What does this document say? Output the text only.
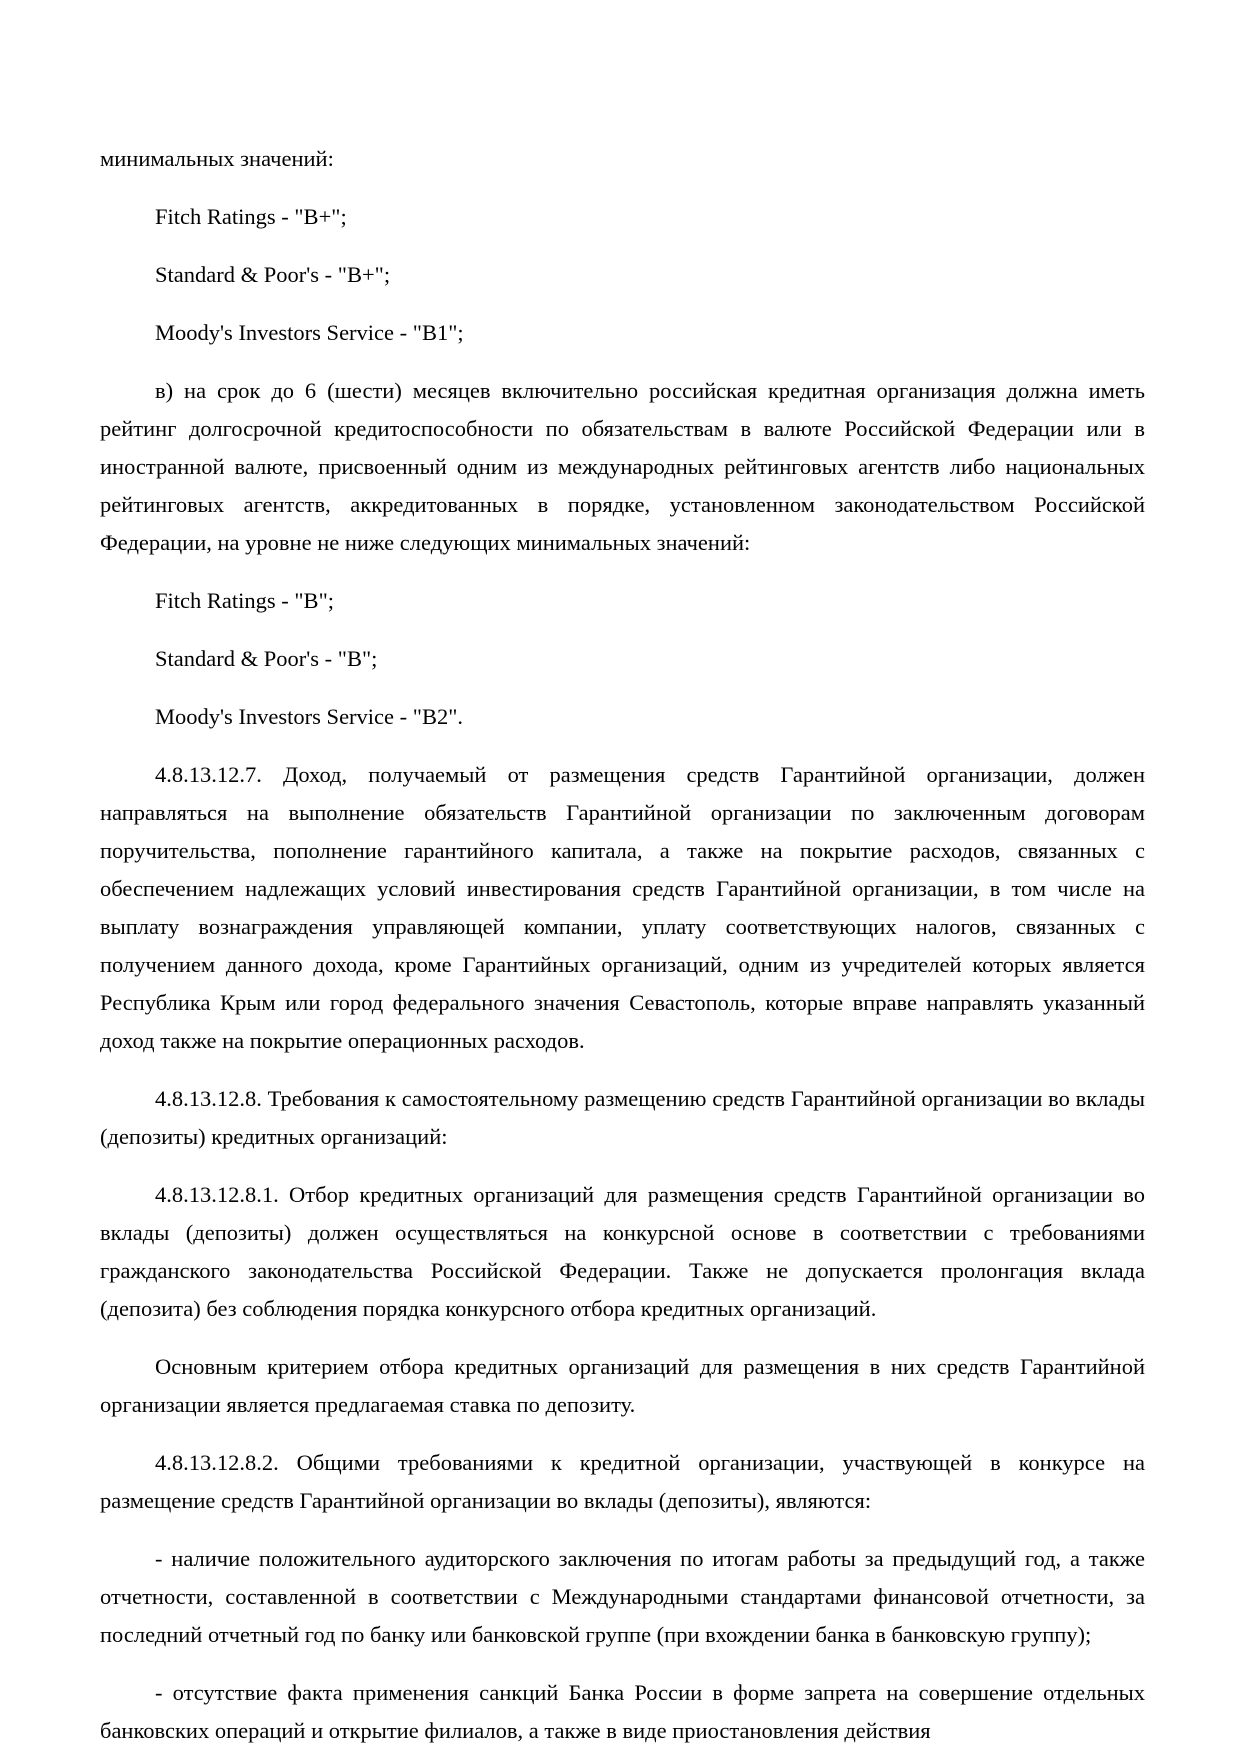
минимальных значений:

Fitch Ratings - "B+";

Standard & Poor's - "B+";

Moody's Investors Service - "B1";

в) на срок до 6 (шести) месяцев включительно российская кредитная организация должна иметь рейтинг долгосрочной кредитоспособности по обязательствам в валюте Российской Федерации или в иностранной валюте, присвоенный одним из международных рейтинговых агентств либо национальных рейтинговых агентств, аккредитованных в порядке, установленном законодательством Российской Федерации, на уровне не ниже следующих минимальных значений:

Fitch Ratings - "B";

Standard & Poor's - "B";

Moody's Investors Service - "B2".

4.8.13.12.7. Доход, получаемый от размещения средств Гарантийной организации, должен направляться на выполнение обязательств Гарантийной организации по заключенным договорам поручительства, пополнение гарантийного капитала, а также на покрытие расходов, связанных с обеспечением надлежащих условий инвестирования средств Гарантийной организации, в том числе на выплату вознаграждения управляющей компании, уплату соответствующих налогов, связанных с получением данного дохода, кроме Гарантийных организаций, одним из учредителей которых является Республика Крым или город федерального значения Севастополь, которые вправе направлять указанный доход также на покрытие операционных расходов.

4.8.13.12.8. Требования к самостоятельному размещению средств Гарантийной организации во вклады (депозиты) кредитных организаций:

4.8.13.12.8.1. Отбор кредитных организаций для размещения средств Гарантийной организации во вклады (депозиты) должен осуществляться на конкурсной основе в соответствии с требованиями гражданского законодательства Российской Федерации. Также не допускается пролонгация вклада (депозита) без соблюдения порядка конкурсного отбора кредитных организаций.

Основным критерием отбора кредитных организаций для размещения в них средств Гарантийной организации является предлагаемая ставка по депозиту.

4.8.13.12.8.2. Общими требованиями к кредитной организации, участвующей в конкурсе на размещение средств Гарантийной организации во вклады (депозиты), являются:

- наличие положительного аудиторского заключения по итогам работы за предыдущий год, а также отчетности, составленной в соответствии с Международными стандартами финансовой отчетности, за последний отчетный год по банку или банковской группе (при вхождении банка в банковскую группу);

- отсутствие факта применения санкций Банка России в форме запрета на совершение отдельных банковских операций и открытие филиалов, а также в виде приостановления действия
